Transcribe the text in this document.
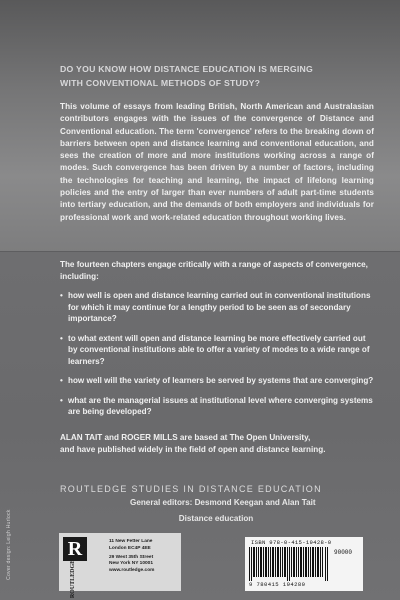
DO YOU KNOW HOW DISTANCE EDUCATION IS MERGING
WITH CONVENTIONAL METHODS OF STUDY?

This volume of essays from leading British, North American and Australasian contributors engages with the issues of the convergence of Distance and Conventional education. The term 'convergence' refers to the breaking down of barriers between open and distance learning and conventional education, and sees the creation of more and more institutions working across a range of modes. Such convergence has been driven by a number of factors, including the technologies for teaching and learning, the impact of lifelong learning policies and the entry of larger than ever numbers of adult part-time students into tertiary education, and the demands of both employers and individuals for professional work and work-related education throughout working lives.

The fourteen chapters engage critically with a range of aspects of convergence, including:

• how well is open and distance learning carried out in conventional institutions for which it may continue for a lengthy period to be seen as of secondary importance?
• to what extent will open and distance learning be more effectively carried out by conventional institutions able to offer a variety of modes to a wide range of learners?
• how well will the variety of learners be served by systems that are converging?
• what are the managerial issues at institutional level where converging systems are being developed?

ALAN TAIT and ROGER MILLS are based at The Open University,
and have published widely in the field of open and distance learning.

ROUTLEDGE STUDIES IN DISTANCE EDUCATION

General editors: Desmond Keegan and Alan Tait

Distance education

Cover design: Leigh Hurlock	R
ROUTLEDGE
11 New Fetter Lane
London EC4P 4EE
29 West 35th Street
New York NY 10001
www.routledge.com

ISBN 978-0-415-19428-0

90000

9 780415 194280
